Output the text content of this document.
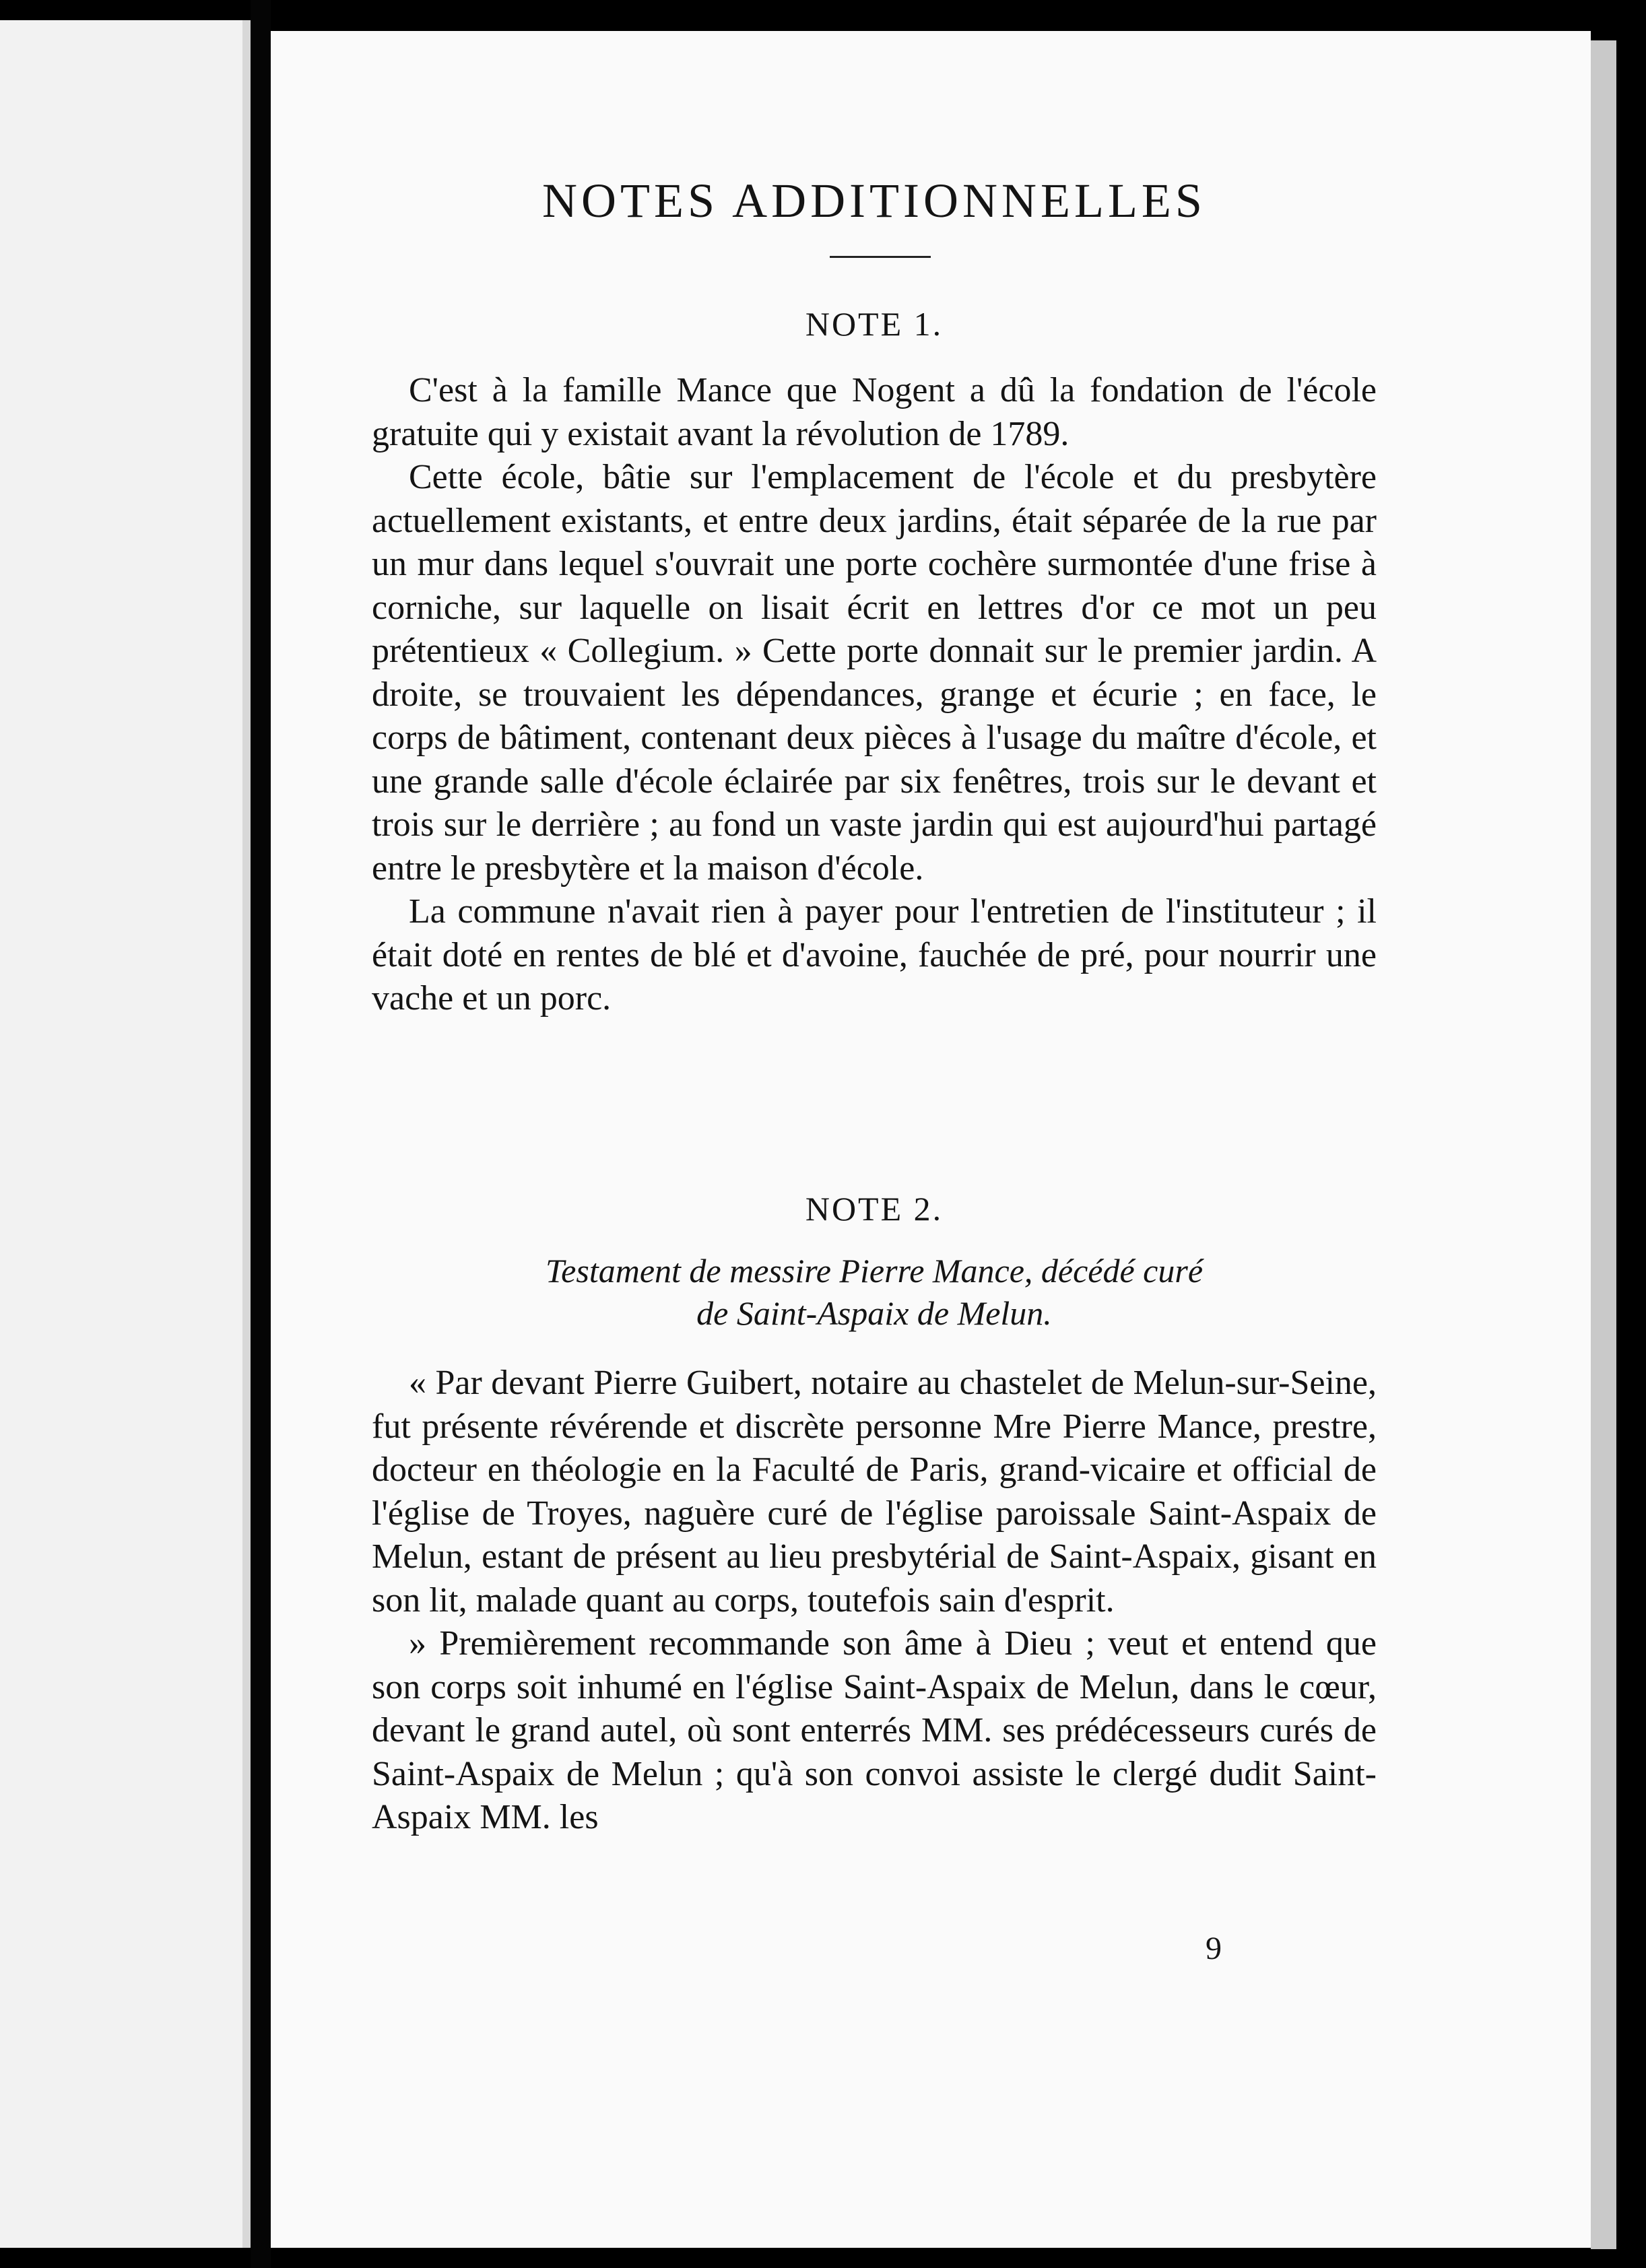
NOTES ADDITIONNELLES
NOTE 1.

C'est à la famille Mance que Nogent a dû la fondation de l'école gratuite qui y existait avant la révolution de 1789.

Cette école, bâtie sur l'emplacement de l'école et du presbytère actuellement existants, et entre deux jardins, était séparée de la rue par un mur dans lequel s'ouvrait une porte cochère surmontée d'une frise à corniche, sur laquelle on lisait écrit en lettres d'or ce mot un peu prétentieux « Collegium. » Cette porte donnait sur le premier jardin. A droite, se trouvaient les dépendances, grange et écurie ; en face, le corps de bâtiment, contenant deux pièces à l'usage du maître d'école, et une grande salle d'école éclairée par six fenêtres, trois sur le devant et trois sur le derrière ; au fond un vaste jardin qui est aujourd'hui partagé entre le presbytère et la maison d'école.

La commune n'avait rien à payer pour l'entretien de l'instituteur ; il était doté en rentes de blé et d'avoine, fauchée de pré, pour nourrir une vache et un porc.

NOTE 2.
Testament de messire Pierre Mance, décédé curé
de Saint-Aspaix de Melun.

« Par devant Pierre Guibert, notaire au chastelet de Melun-sur-Seine, fut présente révérende et discrète personne Mre Pierre Mance, prestre, docteur en théologie en la Faculté de Paris, grand-vicaire et official de l'église de Troyes, naguère curé de l'église paroissale Saint-Aspaix de Melun, estant de présent au lieu presbytérial de Saint-Aspaix, gisant en son lit, malade quant au corps, toutefois sain d'esprit.

» Premièrement recommande son âme à Dieu ; veut et entend que son corps soit inhumé en l'église Saint-Aspaix de Melun, dans le cœur, devant le grand autel, où sont enterrés MM. ses prédécesseurs curés de Saint-Aspaix de Melun ; qu'à son convoi assiste le clergé dudit Saint-Aspaix MM. les

9
